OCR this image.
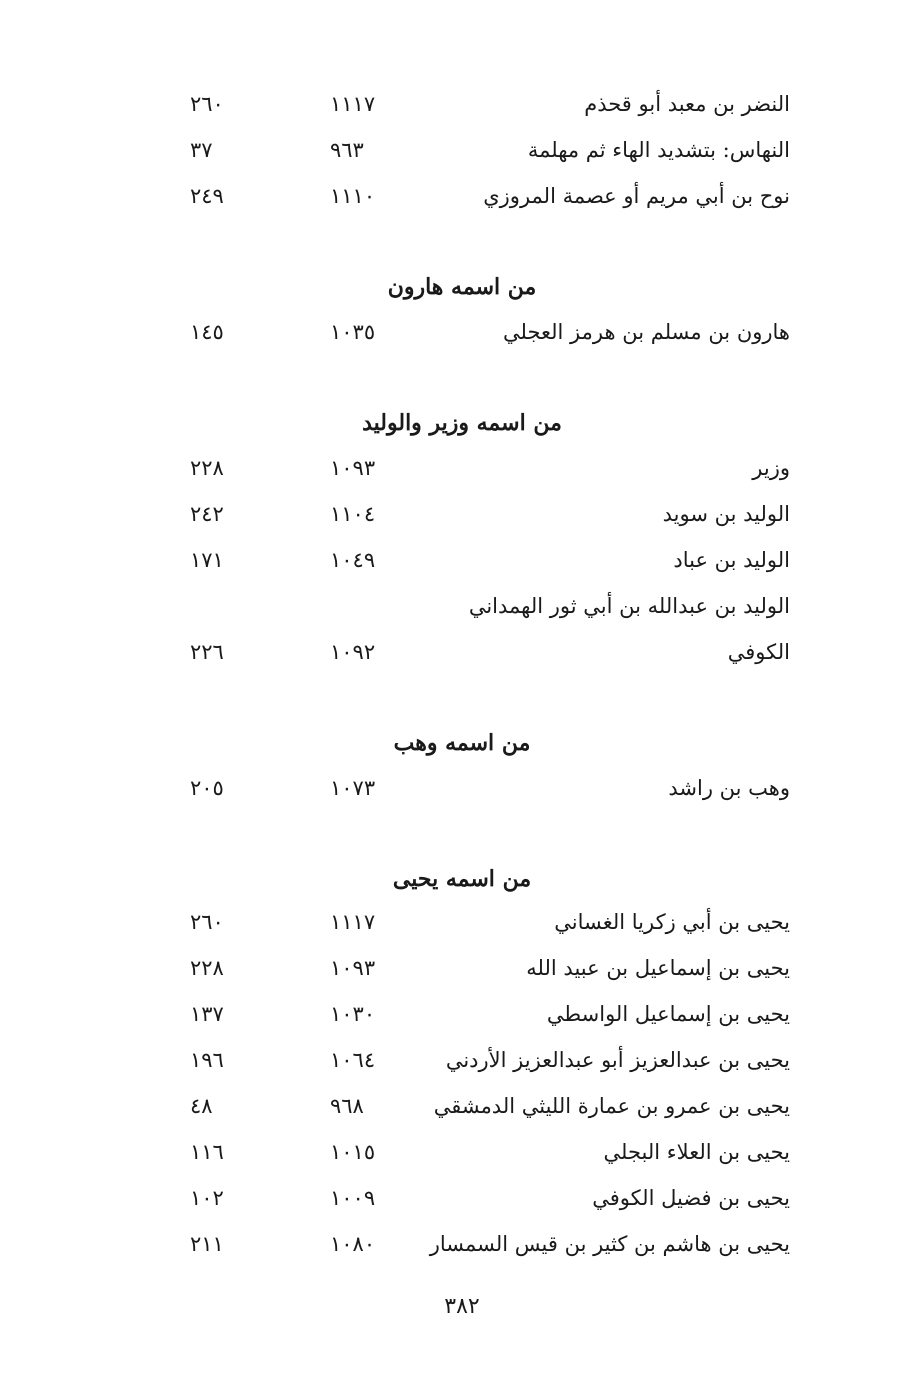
النضر بن معبد أبو قحذم
١١١٧
٢٦٠
النهاس: بتشديد الهاء ثم مهلمة
٩٦٣
٣٧
نوح بن أبي مريم أو عصمة المروزي
١١١٠
٢٤٩
من اسمه هارون
هارون بن مسلم بن هرمز العجلي
١٠٣٥
١٤٥
من اسمه وزير والوليد
وزير
١٠٩٣
٢٢٨
الوليد بن سويد
١١٠٤
٢٤٢
الوليد بن عباد
١٠٤٩
١٧١
الوليد بن عبدالله بن أبي ثور الهمداني
الكوفي
١٠٩٢
٢٢٦
من اسمه وهب
وهب بن راشد
١٠٧٣
٢٠٥
من اسمه يحيى
يحيى بن أبي زكريا الغساني
١١١٧
٢٦٠
يحيى بن إسماعيل بن عبيد الله
١٠٩٣
٢٢٨
يحيى بن إسماعيل الواسطي
١٠٣٠
١٣٧
يحيى بن عبدالعزيز أبو عبدالعزيز الأردني
١٠٦٤
١٩٦
يحيى بن عمرو بن عمارة الليثي الدمشقي
٩٦٨
٤٨
يحيى بن العلاء البجلي
١٠١٥
١١٦
يحيى بن فضيل الكوفي
١٠٠٩
١٠٢
يحيى بن هاشم بن كثير بن قيس السمسار
١٠٨٠
٢١١
٣٨٢
